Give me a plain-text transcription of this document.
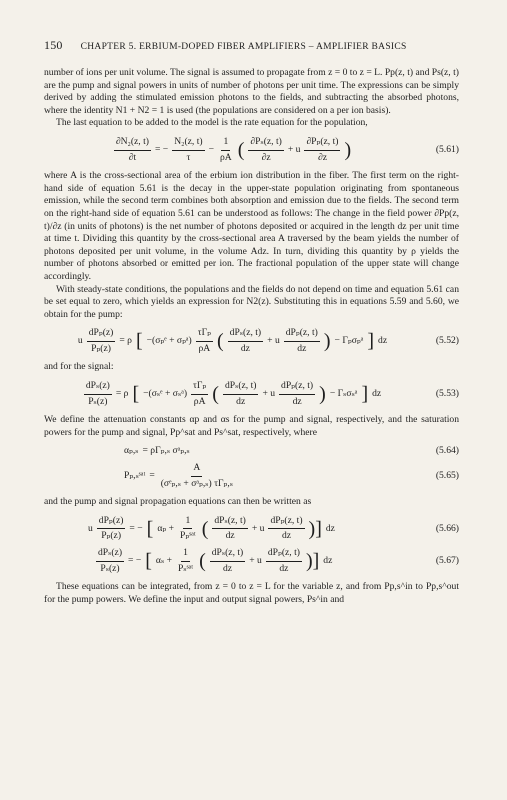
150 CHAPTER 5. ERBIUM-DOPED FIBER AMPLIFIERS – AMPLIFIER BASICS

number of ions per unit volume. The signal is assumed to propagate from z = 0 to z = L. Pp(z, t) and Ps(z, t) are the pump and signal powers in units of number of photons per unit time. The expressions can be simply derived by adding the stimulated emission photons to the fields, and subtracting the absorbed photons, where the identity N1 + N2 = 1 is used (the populations are considered on a per ion basis).

The last equation to be added to the model is the rate equation for the population,

$\frac{\text{∂N₂(z, t)}}{\partial t}$ = − $\frac{\text{N₂(z, t)}}{\tau} - \frac{1}{\rho A}$ ( $\frac{\text{∂Pₛ(z, t)}}{\partial z} + u \frac{\text{∂Pₚ(z, t)}}{\partial z}$ )	(5.61)

where A is the cross-sectional area of the erbium ion distribution in the fiber. The first term on the right-hand side of equation 5.61 is the decay in the upper-state population originating from spontaneous emission, while the second term combines both absorption and emission due to the fields. The second term on the right-hand side of equation 5.61 can be understood as follows: The change in the field power ∂Pp(z, t)/∂z (in units of photons) is the net number of photons deposited or acquired in the length dz per unit time at time t. Dividing this quantity by the cross-sectional area A traversed by the beam yields the number of photons deposited per unit volume, in the volume Adz. In turn, dividing this quantity by ρ yields the number of photons absorbed or emitted per ion. The fractional population of the upper state will change accordingly.

With steady-state conditions, the populations and the fields do not depend on time and equation 5.61 can be set equal to zero, which yields an expression for N2(z). Substituting this in equations 5.59 and 5.60, we obtain for the pump:

u $\frac{\text{dPₚ(z)}}{\text{Pₚ(z)}} = \rho$ [ −(σₚᵉ + σₚᵃ) $\frac{\text{τΓₚ}}{\rho A}$ ( $\frac{\text{dPₛ(z, t)}}{dz} + u \frac{\text{dPₚ(z, t)}}{dz}$ ) − Γₚσₚᵃ ] dz	(5.52)

and for the signal:

$\frac{\text{dPₛ(z)}}{\text{Pₛ(z)}} = \rho$ [ −(σₛᵉ + σₛᵃ) $\frac{\text{τΓₚ}}{\rho A}$ ( $\frac{\text{dPₛ(z, t)}}{dz} + u \frac{\text{dPₚ(z, t)}}{dz}$ ) − Γₛσₛᵃ ] dz	(5.53)

We define the attenuation constants αp and αs for the pump and signal, respectively, and the saturation powers for the pump and signal, Pp^sat and Ps^sat, respectively, where

αₚ,ₛ = ρΓₚ,ₛ σᵃₚ,ₛ	(5.64)
Pₚ,ₛˢᵃᵗ = $\frac{A}{\text{(σᵉₚ,ₛ + σᵃₚ,ₛ) τΓₚ,ₛ}}$	(5.65)

and the pump and signal propagation equations can then be written as

u $\frac{\text{dPₚ(z)}}{\text{Pₚ(z)}}$ = − [ $\alpha_p + \frac{1}{\text{Pₚˢᵃᵗ}}$ ( $\frac{\text{dPₛ(z, t)}}{dz} + u \frac{\text{dPₚ(z, t)}}{dz}$ )] dz	(5.66)
$\frac{\text{dPₛ(z)}}{\text{Pₛ(z)}}$ = − [ $\alpha_s + \frac{1}{\text{Pₛˢᵃᵗ}}$ ( $\frac{\text{dPₛ(z, t)}}{dz} + u \frac{\text{dPₚ(z, t)}}{dz}$ )] dz	(5.67)

These equations can be integrated, from z = 0 to z = L for the variable z, and from Pp,s^in to Pp,s^out for the pump powers. We define the input and output signal powers, Ps^in and
